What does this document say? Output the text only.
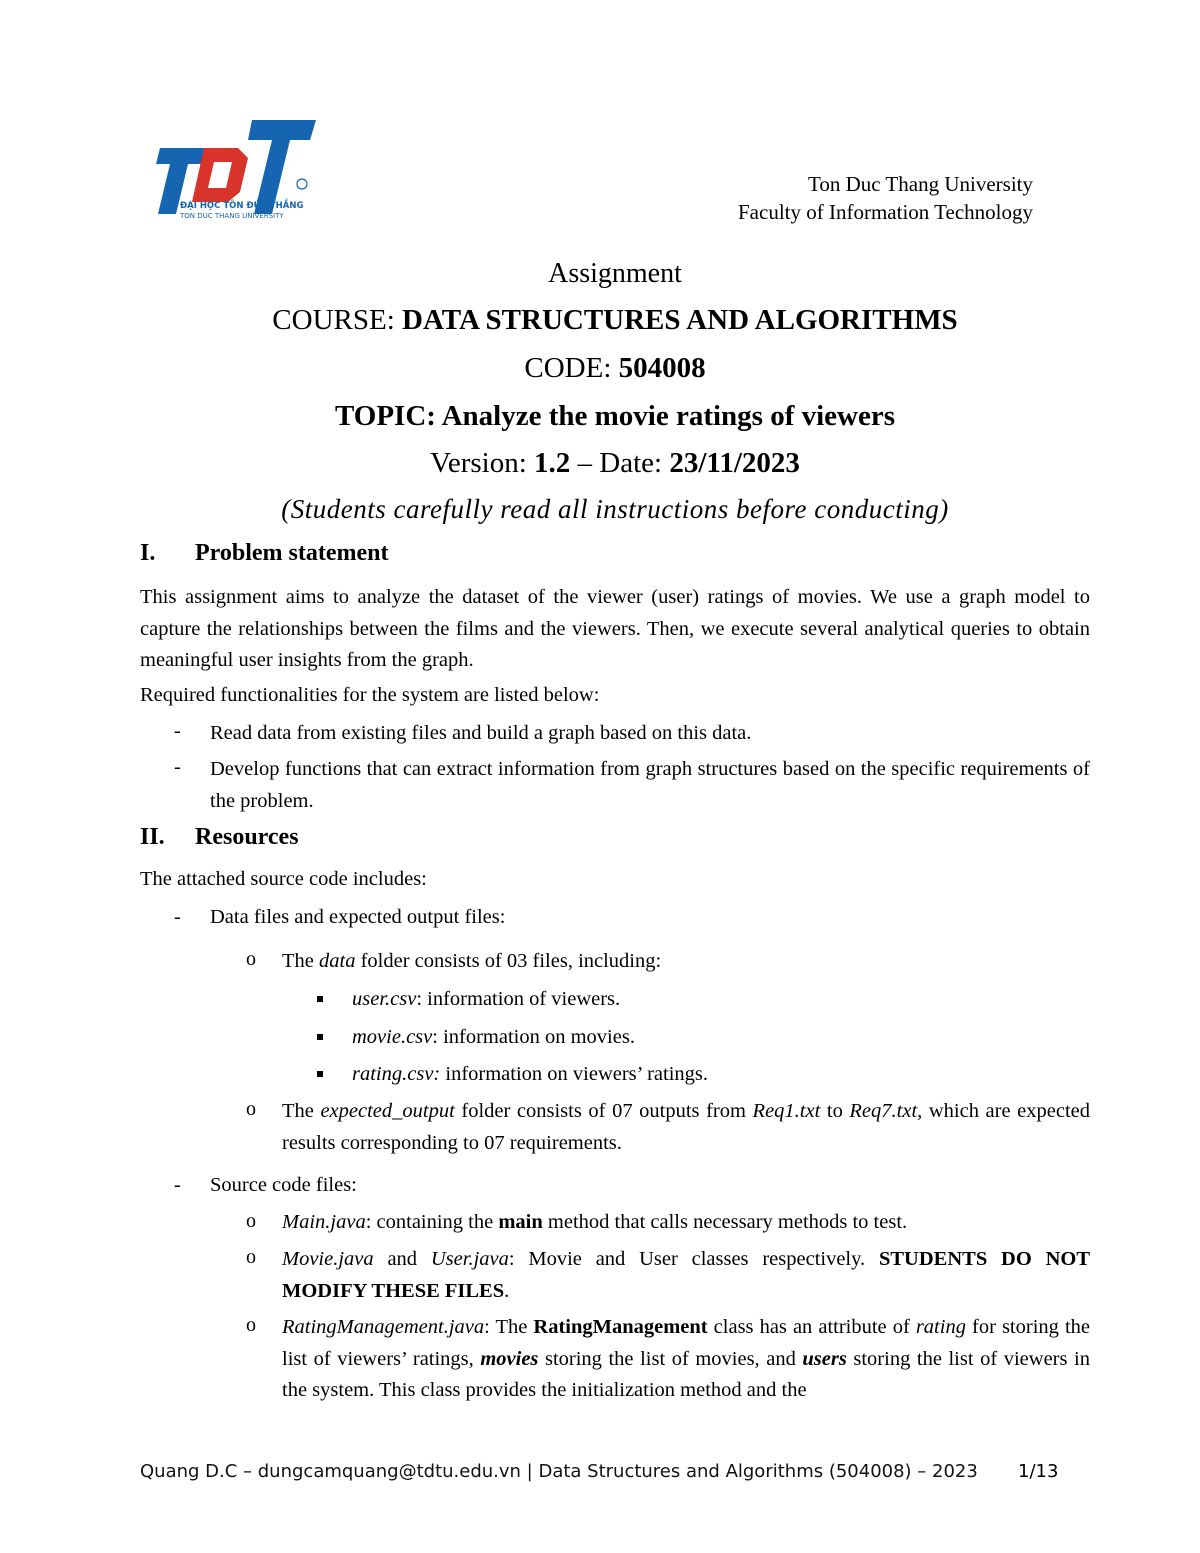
ĐẠI HỌC TÔN ĐỨC THẮNG
TON DUC THANG UNIVERSITY
Ton Duc Thang University
Faculty of Information Technology
Assignment
COURSE: DATA STRUCTURES AND ALGORITHMS
CODE: 504008
TOPIC: Analyze the movie ratings of viewers
Version: 1.2 – Date: 23/11/2023
(Students carefully read all instructions before conducting)
I. Problem statement
This assignment aims to analyze the dataset of the viewer (user) ratings of movies. We use a graph model to capture the relationships between the films and the viewers. Then, we execute several analytical queries to obtain meaningful user insights from the graph.
Required functionalities for the system are listed below:
- Read data from existing files and build a graph based on this data.
- Develop functions that can extract information from graph structures based on the specific requirements of the problem.
II. Resources
The attached source code includes:
- Data files and expected output files:
o The data folder consists of 03 files, including:
user.csv: information of viewers.
movie.csv: information on movies.
rating.csv: information on viewers’ ratings.
o The expected_output folder consists of 07 outputs from Req1.txt to Req7.txt, which are expected results corresponding to 07 requirements.
- Source code files:
o Main.java: containing the main method that calls necessary methods to test.
o Movie.java and User.java: Movie and User classes respectively. STUDENTS DO NOT MODIFY THESE FILES.
o RatingManagement.java: The RatingManagement class has an attribute of rating for storing the list of viewers’ ratings, movies storing the list of movies, and users storing the list of viewers in the system. This class provides the initialization method and the
Quang D.C – dungcamquang@tdtu.edu.vn | Data Structures and Algorithms (504008) – 2023 1/13
